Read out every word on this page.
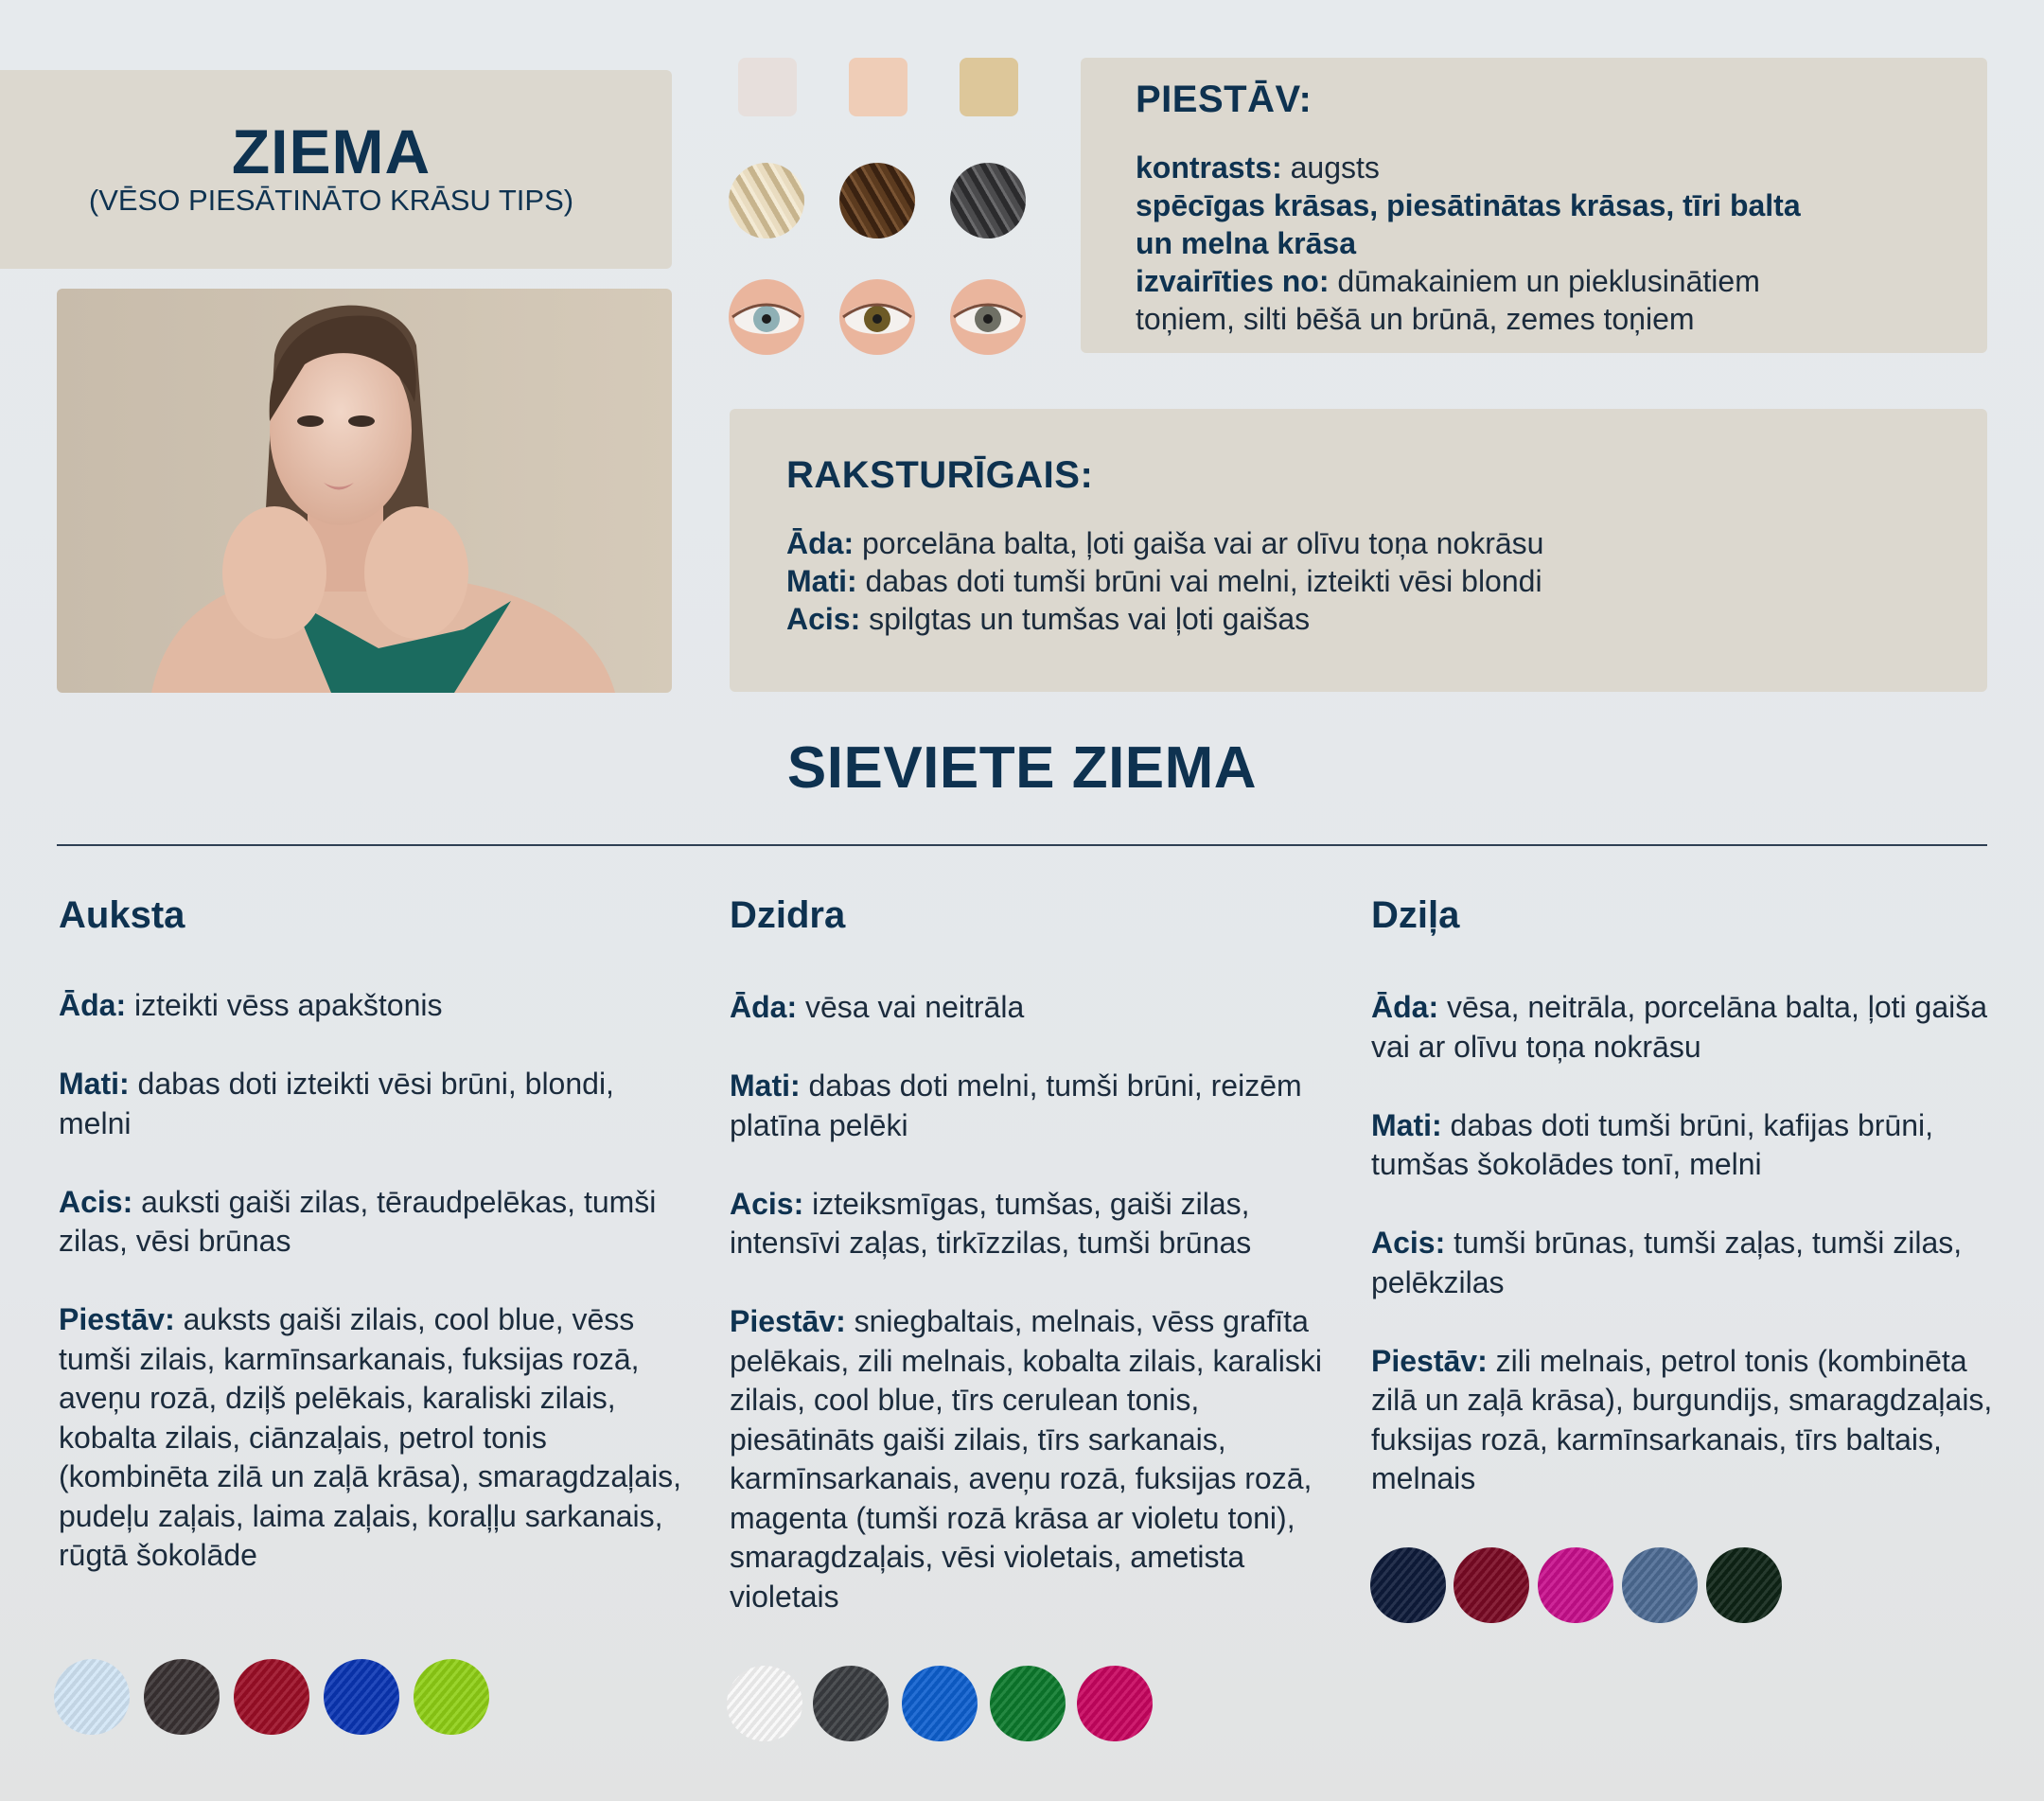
ZIEMA
(VĒSO PIESĀTINĀTO KRĀSU TIPS)
PIESTĀV:
kontrasts: augsts
spēcīgas krāsas, piesātinātas krāsas, tīri balta
un melna krāsa
izvairīties no: dūmakainiem un pieklusinātiem
toņiem, silti bēšā un brūnā, zemes toņiem
RAKSTURĪGAIS:
Āda: porcelāna balta, ļoti gaiša vai ar olīvu toņa nokrāsu
Mati: dabas doti tumši brūni vai melni, izteikti vēsi blondi
Acis: spilgtas un tumšas vai ļoti gaišas
SIEVIETE ZIEMA
Auksta

Āda: izteikti vēss apakštonis

Mati: dabas doti izteikti vēsi brūni, blondi, melni

Acis: auksti gaiši zilas, tēraudpelēkas, tumši zilas, vēsi brūnas

Piestāv: auksts gaiši zilais, cool blue, vēss tumši zilais, karmīnsarkanais, fuksijas rozā, aveņu rozā, dziļš pelēkais, karaliski zilais, kobalta zilais, ciānzaļais, petrol tonis (kombinēta zilā un zaļā krāsa), smaragdzaļais, pudeļu zaļais, laima zaļais, koraļļu sarkanais, rūgtā šokolāde

Dzidra

Āda: vēsa vai neitrāla

Mati: dabas doti melni, tumši brūni, reizēm platīna pelēki

Acis: izteiksmīgas, tumšas, gaiši zilas, intensīvi zaļas, tirkīzzilas, tumši brūnas

Piestāv: sniegbaltais, melnais, vēss grafīta pelēkais, zili melnais, kobalta zilais, karaliski zilais, cool blue, tīrs cerulean tonis, piesātināts gaiši zilais, tīrs sarkanais, karmīnsarkanais, aveņu rozā, fuksijas rozā, magenta (tumši rozā krāsa ar violetu toni), smaragdzaļais, vēsi violetais, ametista violetais

Dziļa

Āda: vēsa, neitrāla, porcelāna balta, ļoti gaiša vai ar olīvu toņa nokrāsu

Mati: dabas doti tumši brūni, kafijas brūni, tumšas šokolādes tonī, melni

Acis: tumši brūnas, tumši zaļas, tumši zilas, pelēkzilas

Piestāv: zili melnais, petrol tonis (kombinēta zilā un zaļā krāsa), burgundijs, smaragdzaļais, fuksijas rozā, karmīnsarkanais, tīrs baltais, melnais
